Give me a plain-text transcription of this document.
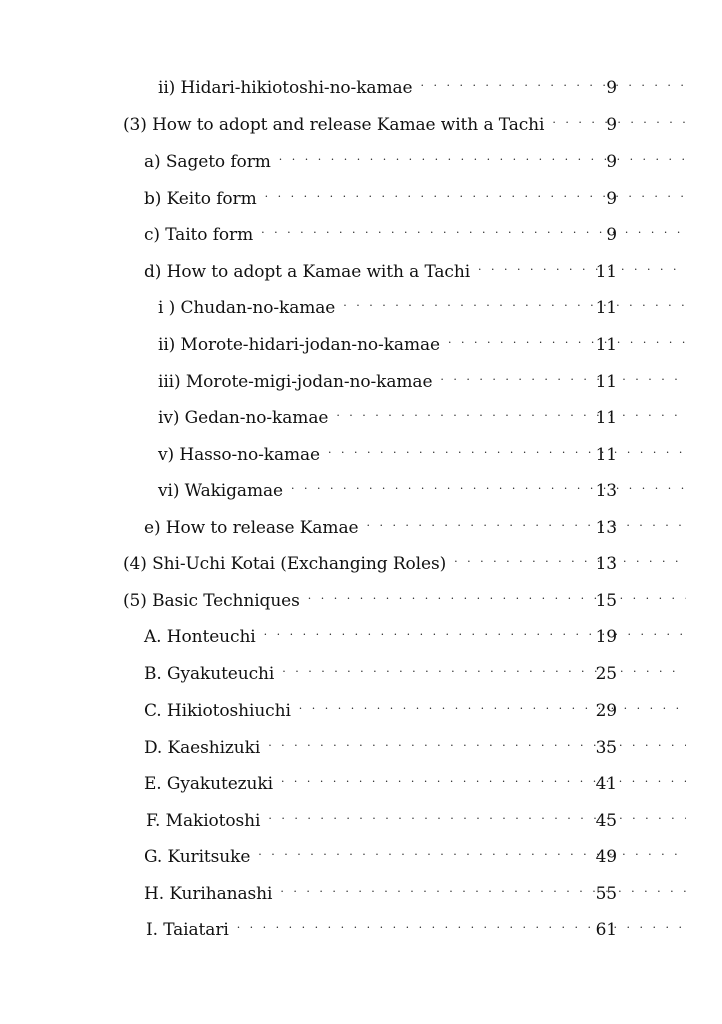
ii) Hidari-hikiotoshi-no-kamae · · ·	9
(3) How to adopt and release Kamae with a Tachi · · ·	9
a) Sageto form · · ·	9
b) Keito form · · ·	9
c) Taito form · · ·	9
d) How to adopt a Kamae with a Tachi · · ·	11
i ) Chudan-no-kamae · · ·	11
ii) Morote-hidari-jodan-no-kamae · · ·	11
iii) Morote-migi-jodan-no-kamae · · ·	11
iv) Gedan-no-kamae · · ·	11
v) Hasso-no-kamae · · ·	11
vi) Wakigamae · · ·	13
e) How to release Kamae · · ·	13
(4) Shi-Uchi Kotai (Exchanging Roles) · · ·	13
(5) Basic Techniques · · ·	15
A. Honteuchi · · ·	19
B. Gyakuteuchi · · ·	25
C. Hikiotoshiuchi · · ·	29
D. Kaeshizuki · · ·	35
E. Gyakutezuki · · ·	41
F. Makiotoshi · · ·	45
G. Kuritsuke · · ·	49
H. Kurihanashi · · ·	55
I. Taiatari · · ·	61
